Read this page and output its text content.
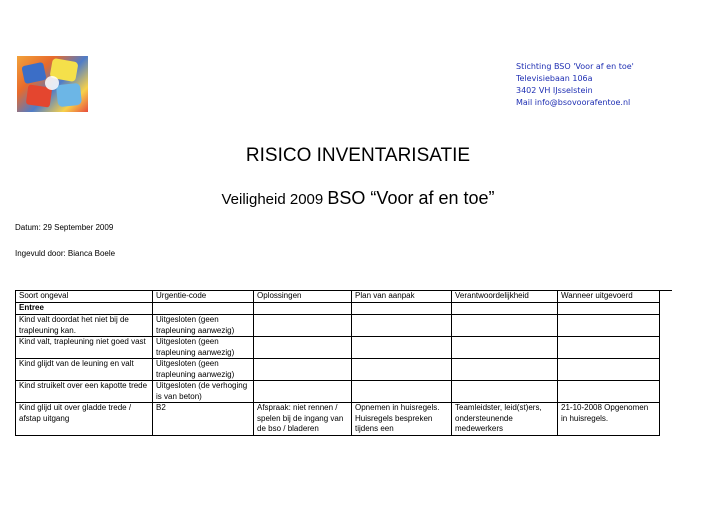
Stichting BSO 'Voor af en toe'
Televisiebaan 106a
3402 VH IJsselstein
Mail info@bsovoorafentoe.nl
RISICO INVENTARISATIE
Veiligheid 2009 BSO “Voor af en toe”
Datum: 29 September 2009
Ingevuld door: Bianca Boele
Soort ongeval	Urgentie-code	Oplossingen	Plan van aanpak	Verantwoordelijkheid	Wanneer uitgevoerd
Entree					
Kind valt doordat het niet bij de trapleuning kan.	Uitgesloten (geen trapleuning aanwezig)				
Kind valt, trapleuning niet goed vast	Uitgesloten (geen trapleuning aanwezig)				
Kind glijdt van de leuning en valt	Uitgesloten (geen trapleuning aanwezig)				
Kind struikelt over een kapotte trede	Uitgesloten (de verhoging is van beton)				
Kind glijd uit over gladde trede / afstap uitgang	B2	Afspraak: niet rennen / spelen bij de ingang van de bso / bladeren	Opnemen in huisregels. Huisregels bespreken tijdens een	Teamleidster, leid(st)ers, ondersteunende medewerkers	21-10-2008 Opgenomen in huisregels.
